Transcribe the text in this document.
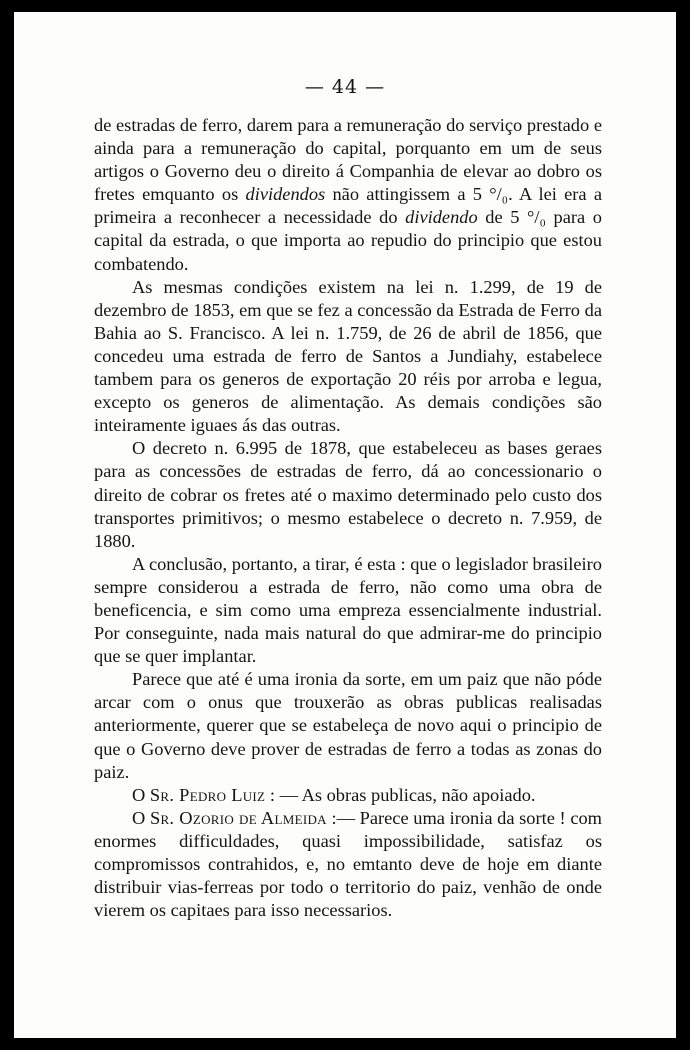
— 44 —

de estradas de ferro, darem para a remuneração do serviço prestado e ainda para a remuneração do capital, porquanto em um de seus artigos o Governo deu o direito á Companhia de elevar ao dobro os fretes emquanto os dividendos não attingissem a 5 °/₀. A lei era a primeira a reconhecer a necessidade do dividendo de 5 °/₀ para o capital da estrada, o que importa ao repudio do principio que estou combatendo.

As mesmas condições existem na lei n. 1.299, de 19 de dezembro de 1853, em que se fez a concessão da Estrada de Ferro da Bahia ao S. Francisco. A lei n. 1.759, de 26 de abril de 1856, que concedeu uma estrada de ferro de Santos a Jundiahy, estabelece tambem para os generos de exportação 20 réis por arroba e legua, excepto os generos de alimentação. As demais condições são inteiramente iguaes ás das outras.

O decreto n. 6.995 de 1878, que estabeleceu as bases geraes para as concessões de estradas de ferro, dá ao concessionario o direito de cobrar os fretes até o maximo determinado pelo custo dos transportes primitivos; o mesmo estabelece o decreto n. 7.959, de 1880.

A conclusão, portanto, a tirar, é esta : que o legislador brasileiro sempre considerou a estrada de ferro, não como uma obra de beneficencia, e sim como uma empreza essencialmente industrial. Por conseguinte, nada mais natural do que admirar-me do principio que se quer implantar.

Parece que até é uma ironia da sorte, em um paiz que não póde arcar com o onus que trouxerão as obras publicas realisadas anteriormente, querer que se estabeleça de novo aqui o principio de que o Governo deve prover de estradas de ferro a todas as zonas do paiz.

O Sr. Pedro Luiz : — As obras publicas, não apoiado.

O Sr. Ozorio de Almeida :— Parece uma ironia da sorte ! com enormes difficuldades, quasi impossibilidade, satisfaz os compromissos contrahidos, e, no emtanto deve de hoje em diante distribuir vias-ferreas por todo o territorio do paiz, venhão de onde vierem os capitaes para isso necessarios.
